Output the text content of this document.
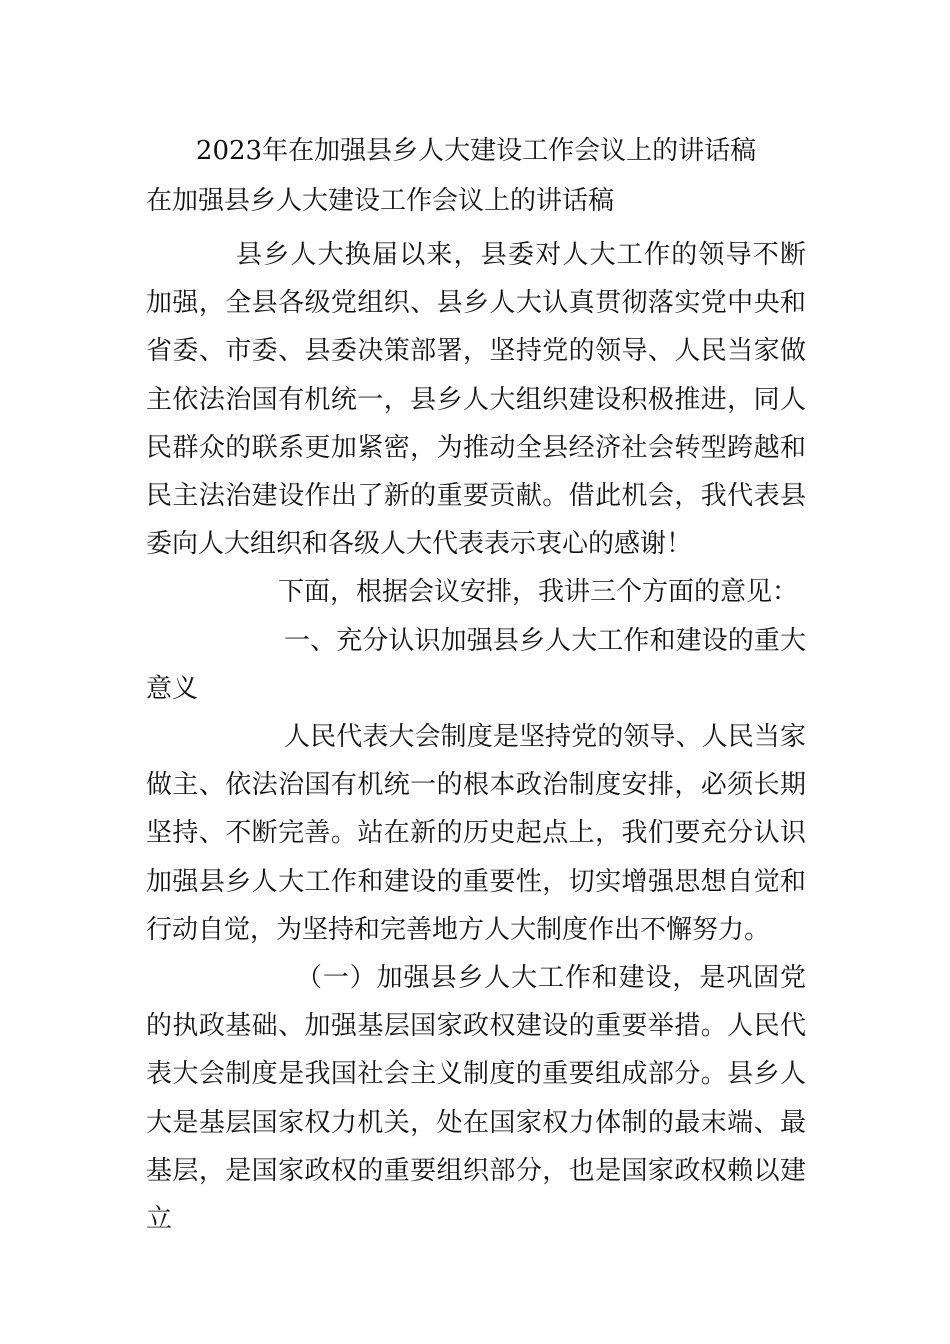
2023年在加强县乡人大建设工作会议上的讲话稿
在加强县乡人大建设工作会议上的讲话稿

县乡人大换届以来，县委对人大工作的领导不断加强，全县各级党组织、县乡人大认真贯彻落实党中央和省委、市委、县委决策部署，坚持党的领导、人民当家做主依法治国有机统一，县乡人大组织建设积极推进，同人民群众的联系更加紧密，为推动全县经济社会转型跨越和民主法治建设作出了新的重要贡献。借此机会，我代表县委向人大组织和各级人大代表表示衷心的感谢！

下面，根据会议安排，我讲三个方面的意见：

一、充分认识加强县乡人大工作和建设的重大意义

人民代表大会制度是坚持党的领导、人民当家做主、依法治国有机统一的根本政治制度安排，必须长期坚持、不断完善。站在新的历史起点上，我们要充分认识加强县乡人大工作和建设的重要性，切实增强思想自觉和行动自觉，为坚持和完善地方人大制度作出不懈努力。

（一）加强县乡人大工作和建设，是巩固党的执政基础、加强基层国家政权建设的重要举措。人民代表大会制度是我国社会主义制度的重要组成部分。县乡人大是基层国家权力机关，处在国家权力体制的最末端、最基层，是国家政权的重要组织部分，也是国家政权赖以建立
